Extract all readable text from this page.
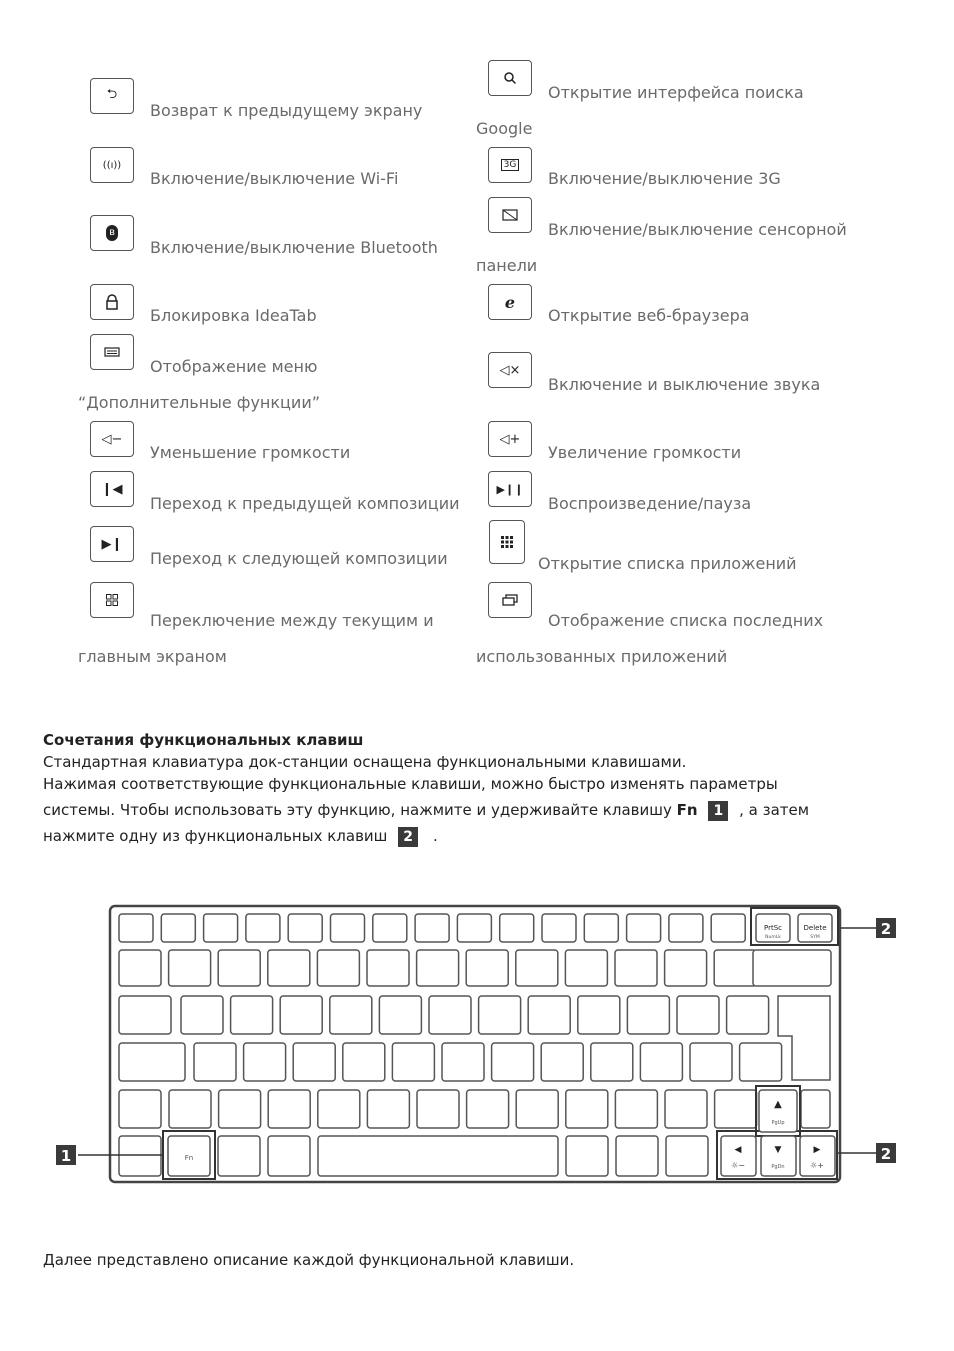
⮌
Возврат к предыдущему экрану
((ı))
Включение/выключение Wi-Fi
ʙ
Включение/выключение Bluetooth
Блокировка IdeaTab
Отображение меню
“Дополнительные функции”
◁−
Уменьшение громкости
❙◀
Переход к предыдущей композиции
▶❙
Переход к следующей композиции
Переключение между текущим и
главным экраном
Открытие интерфейса поиска
Google
3G
Включение/выключение 3G
Включение/выключение сенсорной
панели
e
Открытие веб-браузера
◁×
Включение и выключение звука
◁+
Увеличение громкости
▶❙❙
Воспроизведение/пауза
Открытие списка приложений
Отображение списка последних
использованных приложений
Сочетания функциональных клавиш
Стандартная клавиатура док-станции оснащена функциональными клавишами.
Нажимая соответствующие функциональные клавиши, можно быстро изменять параметры
системы. Чтобы использовать эту функцию, нажмите и удерживайте клавишу Fn 1 , а затем
нажмите одну из функциональных клавиш 2 .
PrtSc
NumLk
Delete
SYM
▲
PgUp
◀
☼−
▼
PgDn
▶
☼+
Fn
2
2
1
Далее представлено описание каждой функциональной клавиши.
